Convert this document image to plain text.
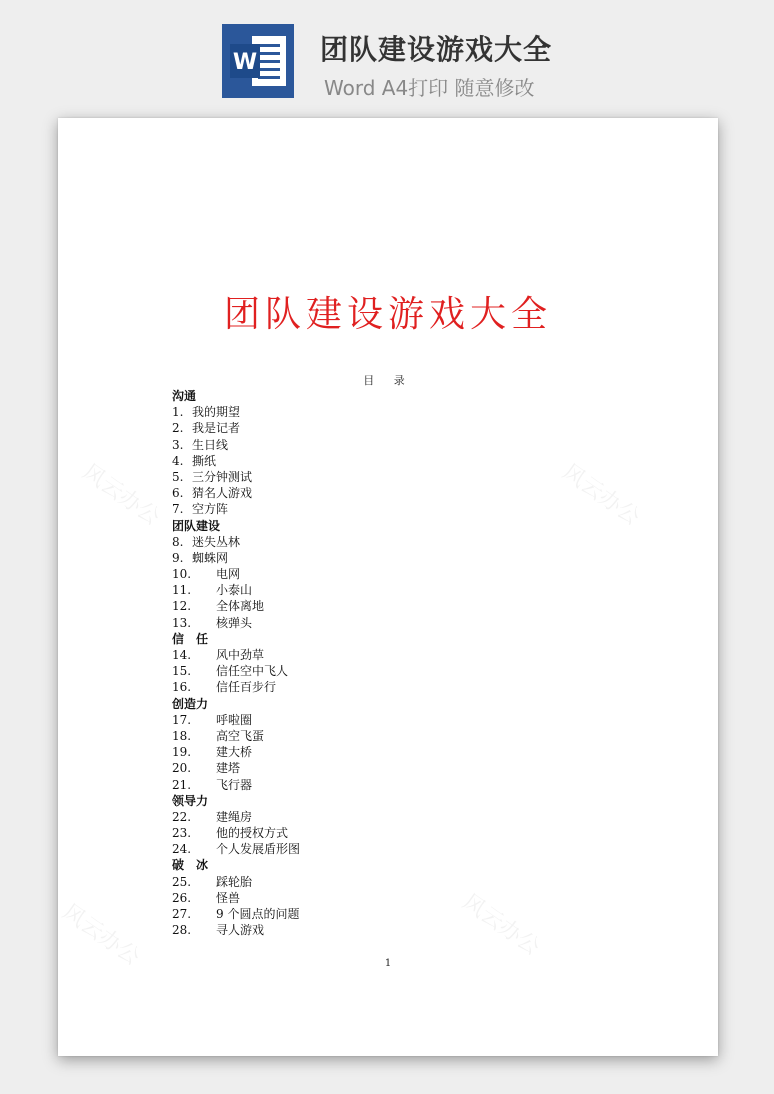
W 团队建设游戏大全
Word A4打印 随意修改
风云办公	风云办公
风云办公	风云办公
团队建设游戏大全
目 录
沟通
1. 我的期望
2. 我是记者
3. 生日线
4. 撕纸
5. 三分钟测试
6. 猜名人游戏
7. 空方阵
团队建设
8. 迷失丛林
9. 蜘蛛网
10. 电网
11. 小泰山
12. 全体离地
13. 核弹头
信　任
14. 风中劲草
15. 信任空中飞人
16. 信任百步行
创造力
17. 呼啦圈
18. 高空飞蛋
19. 建大桥
20. 建塔
21. 飞行器
领导力
22. 建绳房
23. 他的授权方式
24. 个人发展盾形图
破　冰
25. 踩轮胎
26. 怪兽
27. 9 个圆点的问题
28. 寻人游戏
1
